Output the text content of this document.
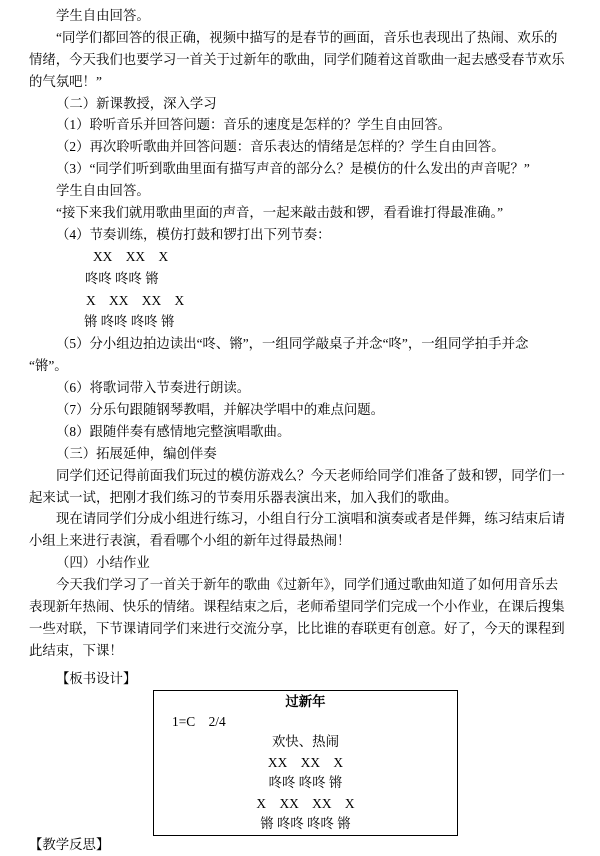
学生自由回答。
“同学们都回答的很正确，视频中描写的是春节的画面，音乐也表现出了热闹、欢乐的
情绪，今天我们也要学习一首关于过新年的歌曲，同学们随着这首歌曲一起去感受春节欢乐
的气氛吧！”
（二）新课教授，深入学习
（1）聆听音乐并回答问题：音乐的速度是怎样的？学生自由回答。
（2）再次聆听歌曲并回答问题：音乐表达的情绪是怎样的？学生自由回答。
（3）“同学们听到歌曲里面有描写声音的部分么？是模仿的什么发出的声音呢？”
学生自由回答。
“接下来我们就用歌曲里面的声音，一起来敲击鼓和锣，看看谁打得最准确。”
（4）节奏训练，模仿打鼓和锣打出下列节奏：
XX　XX　X
咚咚 咚咚 锵
X　XX　XX　X
锵 咚咚 咚咚 锵
（5）分小组边拍边读出“咚、锵”，一组同学敲桌子并念“咚”，一组同学拍手并念
“锵”。
（6）将歌词带入节奏进行朗读。
（7）分乐句跟随钢琴教唱，并解决学唱中的难点问题。
（8）跟随伴奏有感情地完整演唱歌曲。
（三）拓展延伸，编创伴奏
同学们还记得前面我们玩过的模仿游戏么？今天老师给同学们准备了鼓和锣，同学们一
起来试一试，把刚才我们练习的节奏用乐器表演出来，加入我们的歌曲。
现在请同学们分成小组进行练习，小组自行分工演唱和演奏或者是伴舞，练习结束后请
小组上来进行表演，看看哪个小组的新年过得最热闹！
（四）小结作业
今天我们学习了一首关于新年的歌曲《过新年》，同学们通过歌曲知道了如何用音乐去
表现新年热闹、快乐的情绪。课程结束之后，老师希望同学们完成一个小作业，在课后搜集
一些对联，下节课请同学们来进行交流分享，比比谁的春联更有创意。好了，今天的课程到
此结束，下课！
【板书设计】
过新年
1=C　2/4
欢快、热闹
XX　XX　X
咚咚 咚咚 锵
X　XX　XX　X
锵 咚咚 咚咚 锵
【教学反思】
